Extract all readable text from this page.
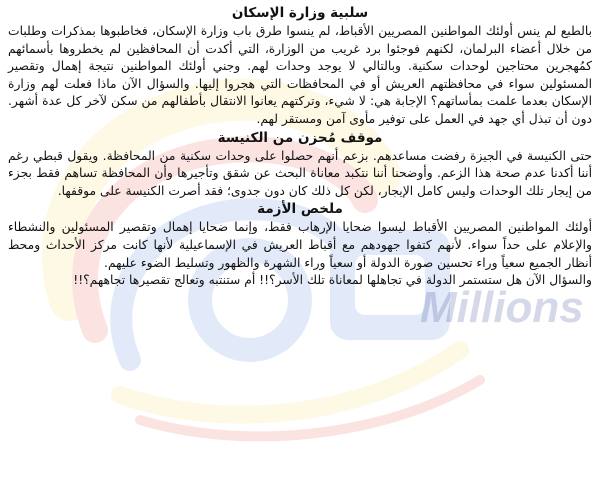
Millions
سلبية وزارة الإسكان

بالطبع لم ينس أولئك المواطنين المصريين الأقباط، لم ينسوا طرق باب وزارة الإسكان، فخاطبوها بمذكرات وطلبات من خلال أعضاء البرلمان، لكنهم فوجئوا برد غريب من الوزارة، التي أكدت أن المحافظين لم يخطروها بأسمائهم كمُهجرين محتاجين لوحدات سكنية. وبالتالي لا يوجد وحدات لهم. وجني أولئك المواطنين نتيجة إهمال وتقصير المسئولين سواء في محافظتهم العريش أو في المحافظات التي هجروا إليها. والسؤال الآن ماذا فعلت لهم وزارة الإسكان بعدما علمت بمأساتهم؟ الإجابة هي: لا شيء، وتركتهم يعانوا الانتقال بأطفالهم من سكن لآخر كل عدة أشهر. دون أن تبذل أي جهد في العمل على توفير مأوى آمن ومستقر لهم.

موقف مُحزن من الكنيسة

حتى الكنيسة في الجيزة رفضت مساعدهم. بزعم أنهم حصلوا على وحدات سكنية من المحافظة. ويقول قبطي رغم أننا أكدنا عدم صحة هذا الزعم. وأوضحنا أننا نتكبد معاناة البحث عن شقق وتأجيرها وأن المحافظة تساهم فقط بجزء من إيجار تلك الوحدات وليس كامل الإيجار، لكن كل ذلك كان دون جدوى؛ فقد أصرت الكنيسة على موقفها.

ملخص الأزمة

أولئك المواطنين المصريين الأقباط ليسوا ضحايا الإرهاب فقط، وإنما ضحايا إهمال وتقصير المسئولين والنشطاء والإعلام على حداً سواء. لأنهم كتفوا جهودهم مع أقباط العريش في الإسماعيلية لأنها كانت مركز الأحداث ومحط أنظار الجميع سعياً وراء تحسين صورة الدولة أو سعياً وراء الشهرة والظهور وتسليط الضوء عليهم.

والسؤال الآن هل ستستمر الدولة في تجاهلها لمعاناة تلك الأسر؟!! أم ستنتبه وتعالج تقصيرها تجاههم؟!!
